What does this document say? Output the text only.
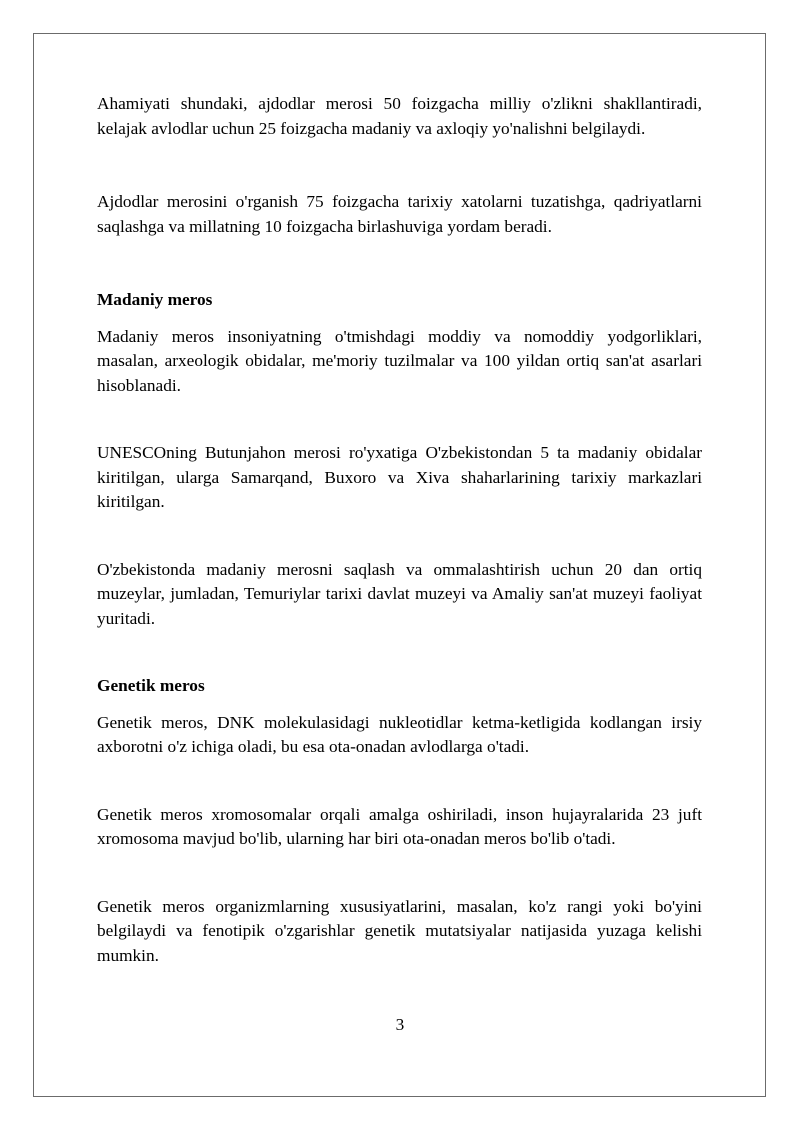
Ahamiyati shundaki, ajdodlar merosi 50 foizgacha milliy o'zlikni shakllantiradi, kelajak avlodlar uchun 25 foizgacha madaniy va axloqiy yo'nalishni belgilaydi.

Ajdodlar merosini o'rganish 75 foizgacha tarixiy xatolarni tuzatishga, qadriyatlarni saqlashga va millatning 10 foizgacha birlashuviga yordam beradi.

Madaniy meros

Madaniy meros insoniyatning o'tmishdagi moddiy va nomoddiy yodgorliklari, masalan, arxeologik obidalar, me'moriy tuzilmalar va 100 yildan ortiq san'at asarlari hisoblanadi.

UNESCOning Butunjahon merosi ro'yxatiga O'zbekistondan 5 ta madaniy obidalar kiritilgan, ularga Samarqand, Buxoro va Xiva shaharlarining tarixiy markazlari kiritilgan.

O'zbekistonda madaniy merosni saqlash va ommalashtirish uchun 20 dan ortiq muzeylar, jumladan, Temuriylar tarixi davlat muzeyi va Amaliy san'at muzeyi faoliyat yuritadi.

Genetik meros

Genetik meros, DNK molekulasidagi nukleotidlar ketma-ketligida kodlangan irsiy axborotni o'z ichiga oladi, bu esa ota-onadan avlodlarga o'tadi.

Genetik meros xromosomalar orqali amalga oshiriladi, inson hujayralarida 23 juft xromosoma mavjud bo'lib, ularning har biri ota-onadan meros bo'lib o'tadi.

Genetik meros organizmlarning xususiyatlarini, masalan, ko'z rangi yoki bo'yini belgilaydi va fenotipik o'zgarishlar genetik mutatsiyalar natijasida yuzaga kelishi mumkin.

3
